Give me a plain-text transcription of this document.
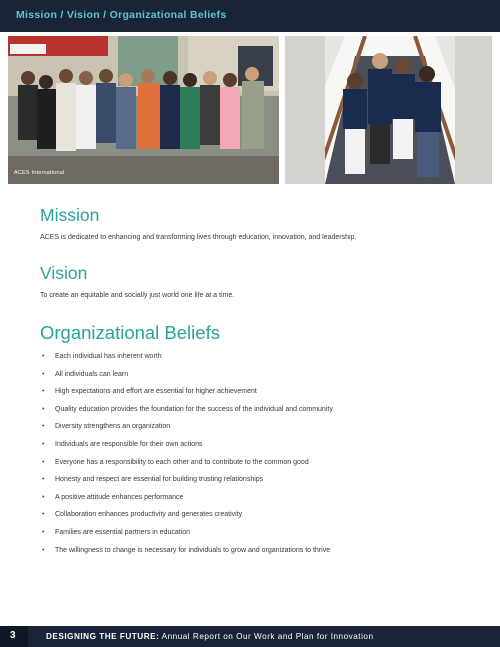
Mission / Vision / Organizational Beliefs
ACES International
Mission

ACES is dedicated to enhancing and transforming lives through education, innovation, and leadership.

Vision

To create an equitable and socially just world one life at a time.

Organizational Beliefs
• Each individual has inherent worth
• All individuals can learn
• High expectations and effort are essential for higher achievement
• Quality education provides the foundation for the success of the individual and community
• Diversity strengthens an organization
• Individuals are responsible for their own actions
• Everyone has a responsibility to each other and to contribute to the common good
• Honesty and respect are essential for building trusting relationships
• A positive attitude enhances performance
• Collaboration enhances productivity and generates creativity
• Families are essential partners in education
• The willingness to change is necessary for individuals to grow and organizations to thrive
3	DESIGNING THE FUTURE: Annual Report on Our Work and Plan for Innovation
